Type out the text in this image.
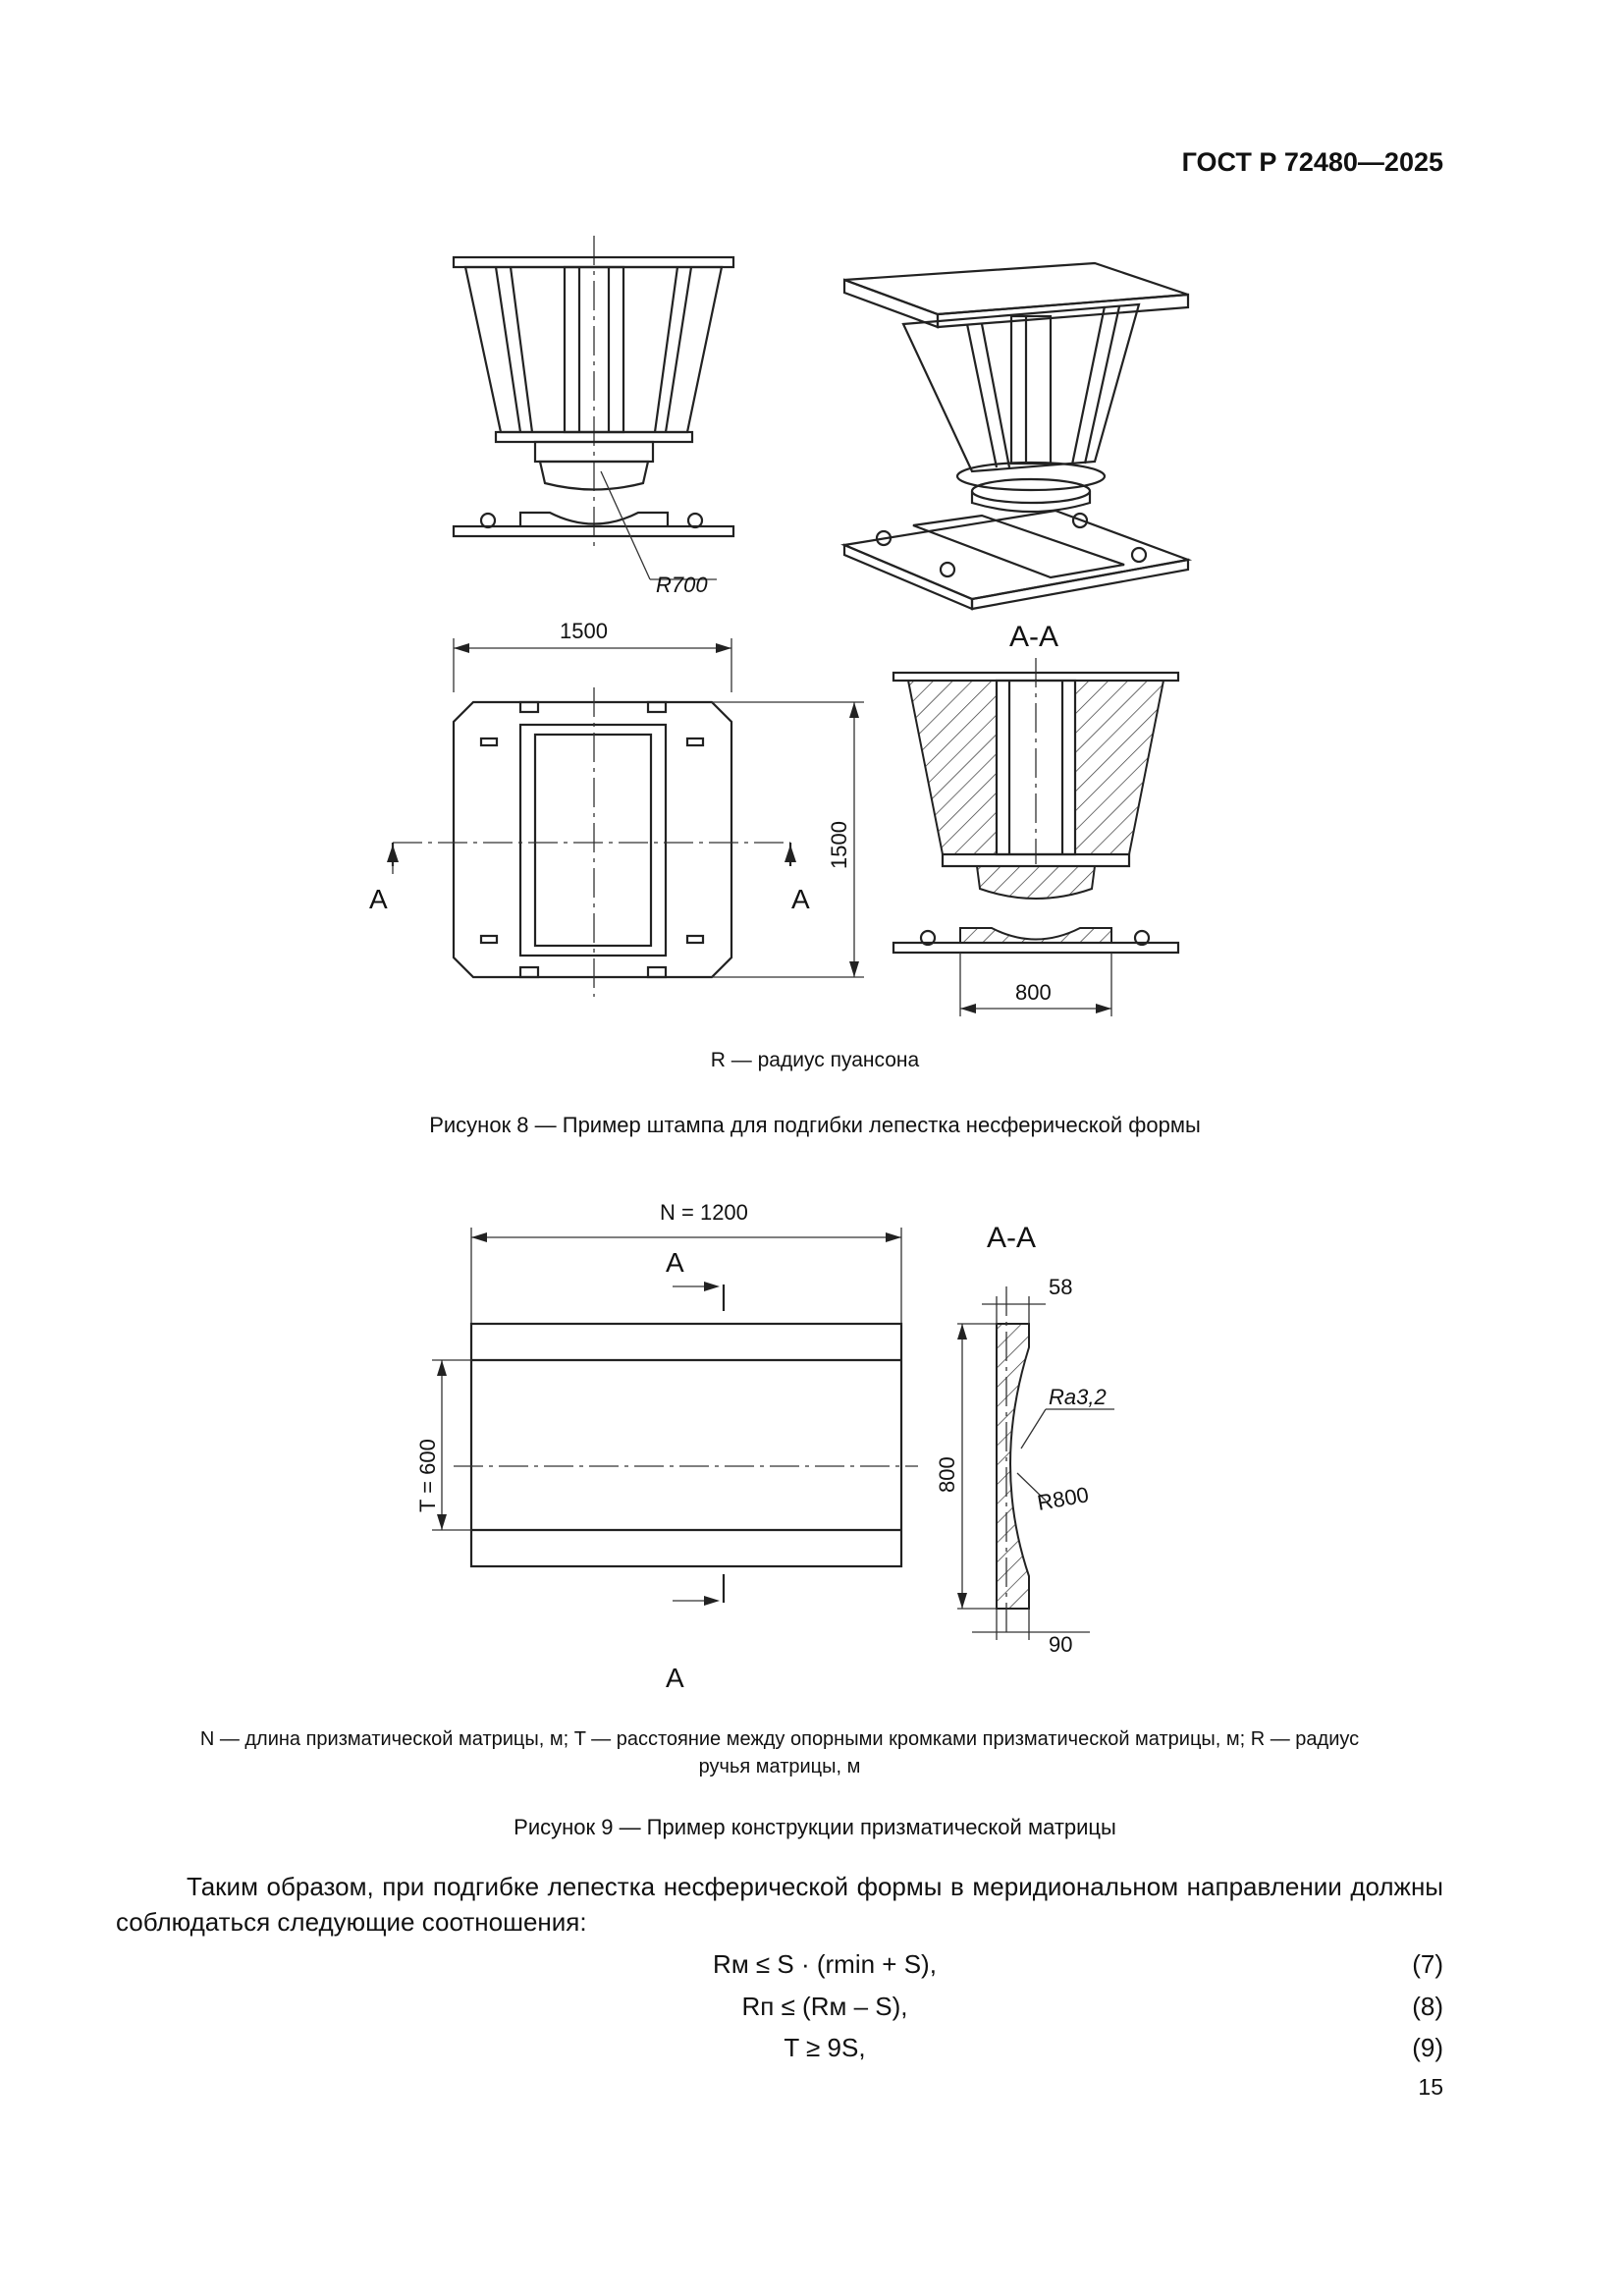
ГОСТ Р 72480—2025
R700
1500
1500
А	А
А-А
800
R — радиус пуансона
Рисунок 8 — Пример штампа для подгибки лепестка несферической формы
N = 1200
T = 600
А
А
А-А
58
Ra3,2
800
R800
90
N — длина призматической матрицы, м; T — расстояние между опорными кромками призматической матрицы, м; R — радиус
ручья матрицы, м
Рисунок 9 — Пример конструкции призматической матрицы
Таким образом, при подгибке лепестка несферической формы в меридиональном направлении должны соблюдаться следующие соотношения:
Rм ≤ S · (rmin + S),	(7)
Rп ≤ (Rм – S),	(8)
T ≥ 9S,	(9)
15
